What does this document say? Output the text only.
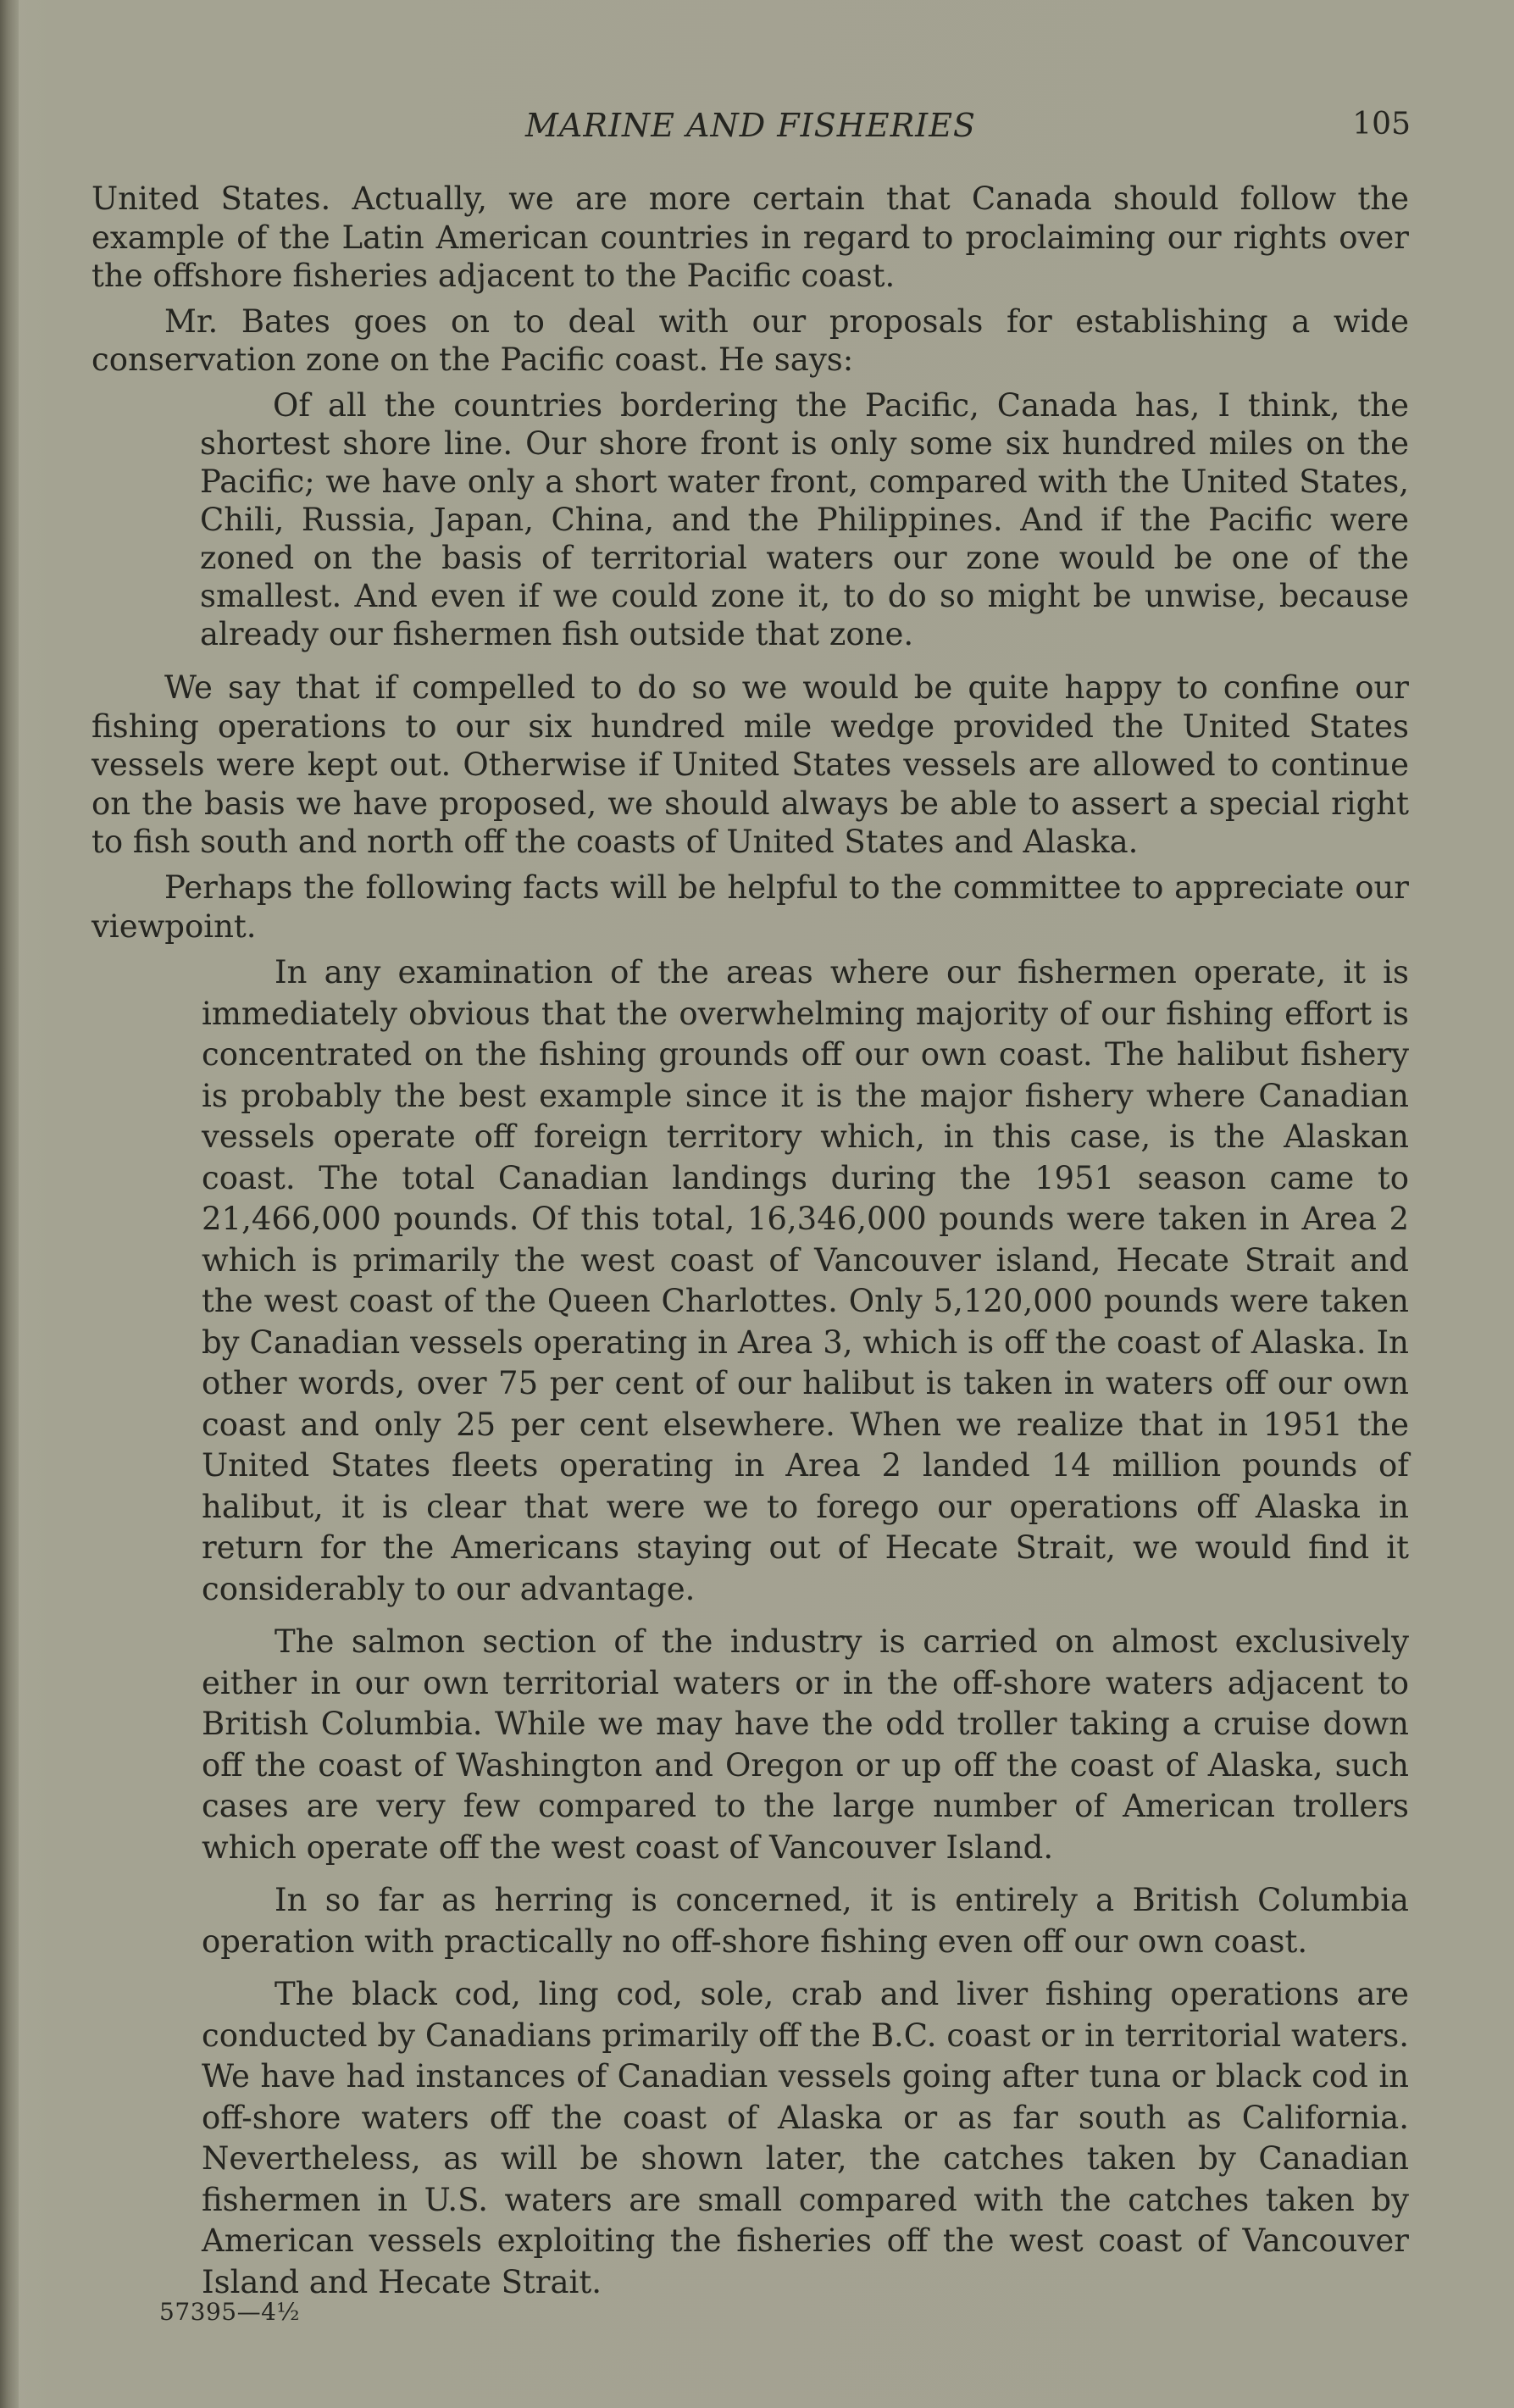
MARINE AND FISHERIES	105

United States. Actually, we are more certain that Canada should follow the example of the Latin American countries in regard to proclaiming our rights over the offshore fisheries adjacent to the Pacific coast.

Mr. Bates goes on to deal with our proposals for establishing a wide conservation zone on the Pacific coast. He says:

Of all the countries bordering the Pacific, Canada has, I think, the shortest shore line. Our shore front is only some six hundred miles on the Pacific; we have only a short water front, compared with the United States, Chili, Russia, Japan, China, and the Philippines. And if the Pacific were zoned on the basis of territorial waters our zone would be one of the smallest. And even if we could zone it, to do so might be unwise, because already our fishermen fish outside that zone.

We say that if compelled to do so we would be quite happy to confine our fishing operations to our six hundred mile wedge provided the United States vessels were kept out. Otherwise if United States vessels are allowed to continue on the basis we have proposed, we should always be able to assert a special right to fish south and north off the coasts of United States and Alaska.

Perhaps the following facts will be helpful to the committee to appreciate our viewpoint.

In any examination of the areas where our fishermen operate, it is immediately obvious that the overwhelming majority of our fishing effort is concentrated on the fishing grounds off our own coast. The halibut fishery is probably the best example since it is the major fishery where Canadian vessels operate off foreign territory which, in this case, is the Alaskan coast. The total Canadian landings during the 1951 season came to 21,466,000 pounds. Of this total, 16,346,000 pounds were taken in Area 2 which is primarily the west coast of Vancouver island, Hecate Strait and the west coast of the Queen Charlottes. Only 5,120,000 pounds were taken by Canadian vessels operating in Area 3, which is off the coast of Alaska. In other words, over 75 per cent of our halibut is taken in waters off our own coast and only 25 per cent elsewhere. When we realize that in 1951 the United States fleets operating in Area 2 landed 14 million pounds of halibut, it is clear that were we to forego our operations off Alaska in return for the Americans staying out of Hecate Strait, we would find it considerably to our advantage.

The salmon section of the industry is carried on almost exclusively either in our own territorial waters or in the off-shore waters adjacent to British Columbia. While we may have the odd troller taking a cruise down off the coast of Washington and Oregon or up off the coast of Alaska, such cases are very few compared to the large number of American trollers which operate off the west coast of Vancouver Island.

In so far as herring is concerned, it is entirely a British Columbia operation with practically no off-shore fishing even off our own coast.

The black cod, ling cod, sole, crab and liver fishing operations are conducted by Canadians primarily off the B.C. coast or in territorial waters. We have had instances of Canadian vessels going after tuna or black cod in off-shore waters off the coast of Alaska or as far south as California. Nevertheless, as will be shown later, the catches taken by Canadian fishermen in U.S. waters are small compared with the catches taken by American vessels exploiting the fisheries off the west coast of Vancouver Island and Hecate Strait.

57395—4½
